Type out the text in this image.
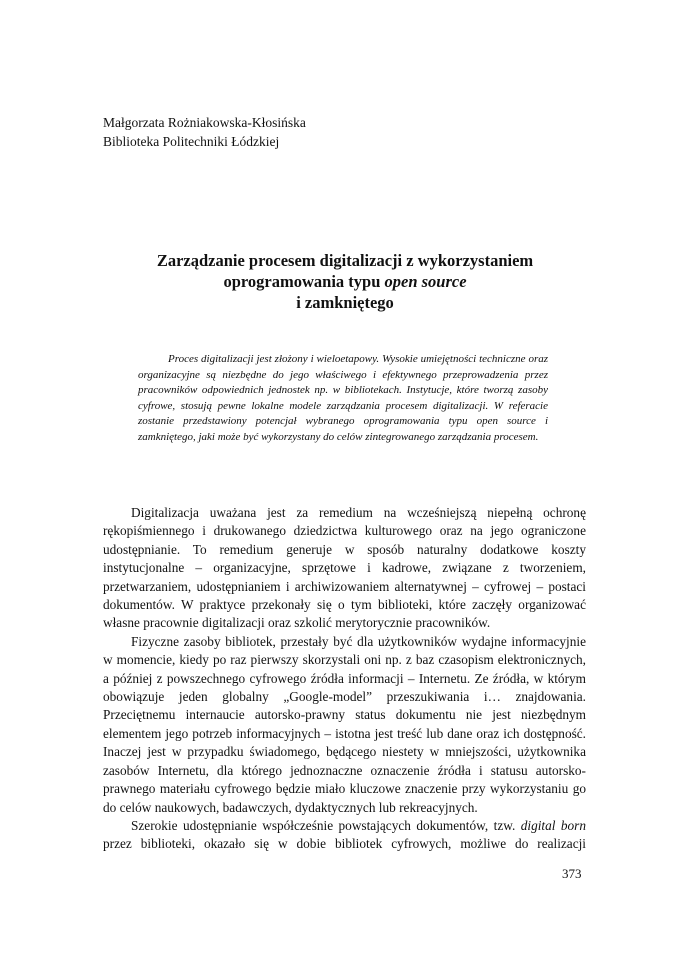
Małgorzata Rożniakowska-Kłosińska
Biblioteka Politechniki Łódzkiej
Zarządzanie procesem digitalizacji z wykorzystaniem
oprogramowania typu open source
i zamkniętego

Proces digitalizacji jest złożony i wieloetapowy. Wysokie umiejętności techniczne oraz organizacyjne są niezbędne do jego właściwego i efektywnego przeprowadzenia przez pracowników odpowiednich jednostek np. w bibliotekach. Instytucje, które tworzą zasoby cyfrowe, stosują pewne lokalne modele zarządzania procesem digitalizacji. W referacie zostanie przedstawiony potencjał wybranego oprogramowania typu open source i zamkniętego, jaki może być wykorzystany do celów zintegrowanego zarządzania procesem.

Digitalizacja uważana jest za remedium na wcześniejszą niepełną ochronę rękopiśmiennego i drukowanego dziedzictwa kulturowego oraz na jego ograniczone udostępnianie. To remedium generuje w sposób naturalny dodatkowe koszty instytucjonalne – organizacyjne, sprzętowe i kadrowe, związane z tworzeniem, przetwarzaniem, udostępnianiem i archiwizowaniem alternatywnej – cyfrowej – postaci dokumentów. W praktyce przekonały się o tym biblioteki, które zaczęły organizować własne pracownie digitalizacji oraz szkolić merytorycznie pracowników.

Fizyczne zasoby bibliotek, przestały być dla użytkowników wydajne informacyjnie w momencie, kiedy po raz pierwszy skorzystali oni np. z baz czasopism elektronicznych, a później z powszechnego cyfrowego źródła informacji – Internetu. Ze źródła, w którym obowiązuje jeden globalny „Google-model” przeszukiwania i… znajdowania. Przeciętnemu internaucie autorsko-prawny status dokumentu nie jest niezbędnym elementem jego potrzeb informacyjnych – istotna jest treść lub dane oraz ich dostępność. Inaczej jest w przypadku świadomego, będącego niestety w mniejszości, użytkownika zasobów Internetu, dla którego jednoznaczne oznaczenie źródła i statusu autorsko-prawnego materiału cyfrowego będzie miało kluczowe znaczenie przy wykorzystaniu go do celów naukowych, badawczych, dydaktycznych lub rekreacyjnych.

Szerokie udostępnianie współcześnie powstających dokumentów, tzw. digital born przez biblioteki, okazało się w dobie bibliotek cyfrowych, możliwe do realizacji

373
